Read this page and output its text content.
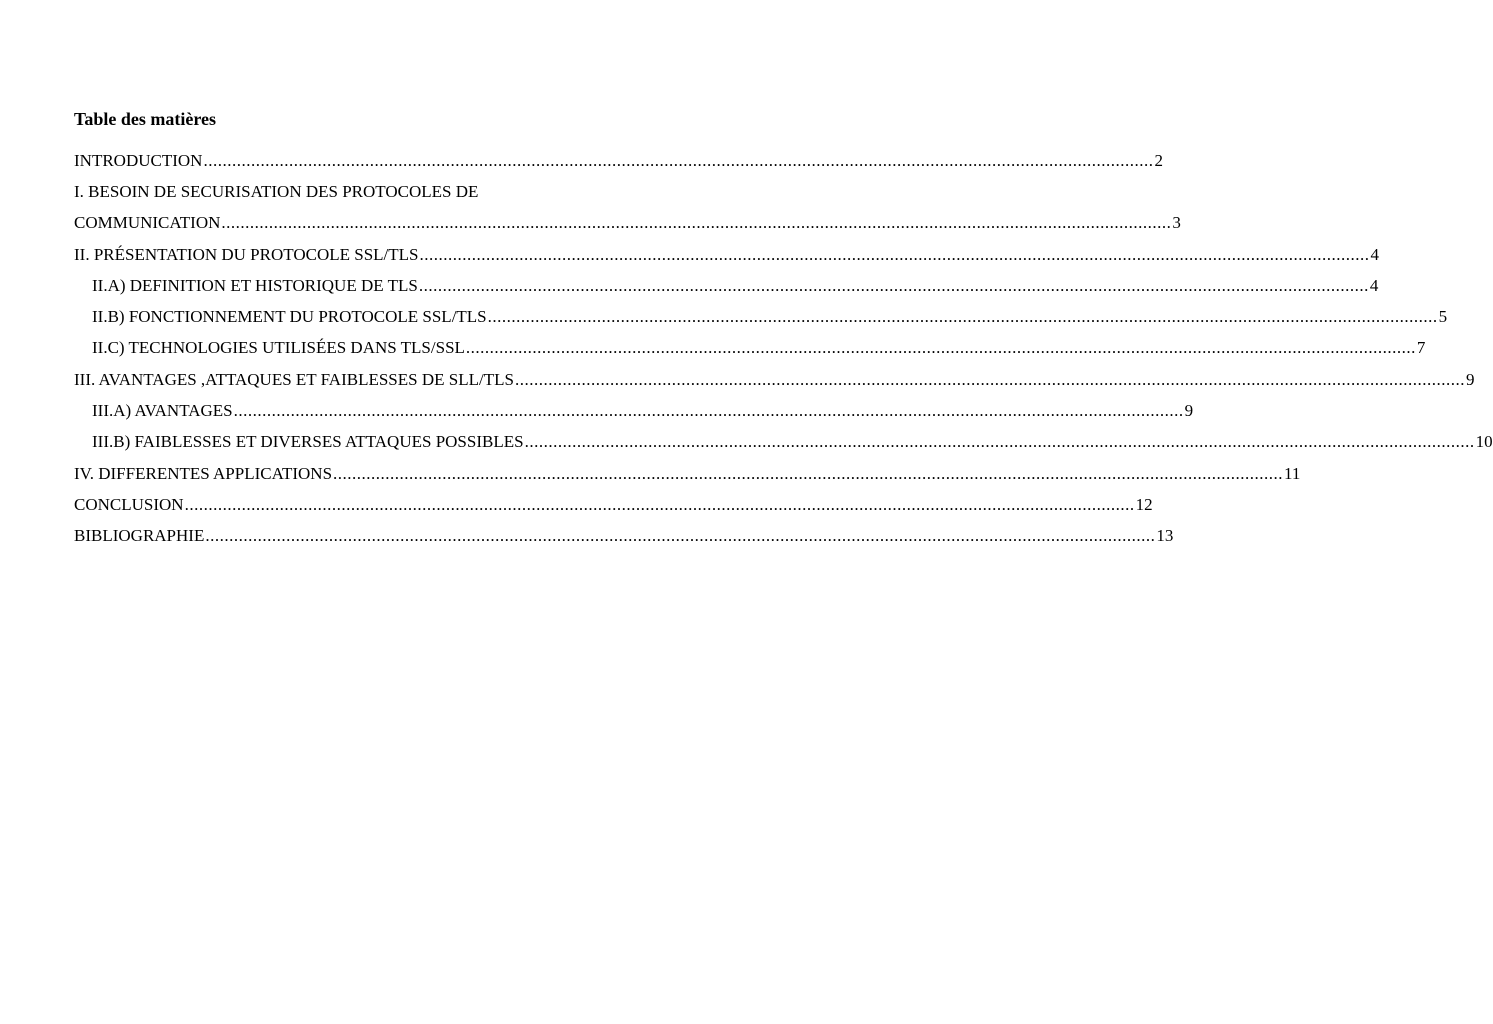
Table des matières
INTRODUCTION ........................................................................................................................................................................................................ 2
I. BESOIN DE SECURISATION DES PROTOCOLES DE
COMMUNICATION ........................................................................................................................................................................................................ 3
II. PRÉSENTATION DU PROTOCOLE SSL/TLS ........................................................................................................................................................................................................ 4
II.A) DEFINITION ET HISTORIQUE DE TLS ........................................................................................................................................................................................................ 4
II.B) FONCTIONNEMENT DU PROTOCOLE SSL/TLS ........................................................................................................................................................................................................ 5
II.C) TECHNOLOGIES UTILISÉES DANS TLS/SSL ........................................................................................................................................................................................................ 7
III. AVANTAGES ,ATTAQUES ET FAIBLESSES DE SLL/TLS ........................................................................................................................................................................................................ 9
III.A) AVANTAGES ........................................................................................................................................................................................................ 9
III.B) FAIBLESSES ET DIVERSES ATTAQUES POSSIBLES ........................................................................................................................................................................................................ 10
IV. DIFFERENTES APPLICATIONS ........................................................................................................................................................................................................ 11
CONCLUSION ........................................................................................................................................................................................................ 12
BIBLIOGRAPHIE ........................................................................................................................................................................................................ 13
